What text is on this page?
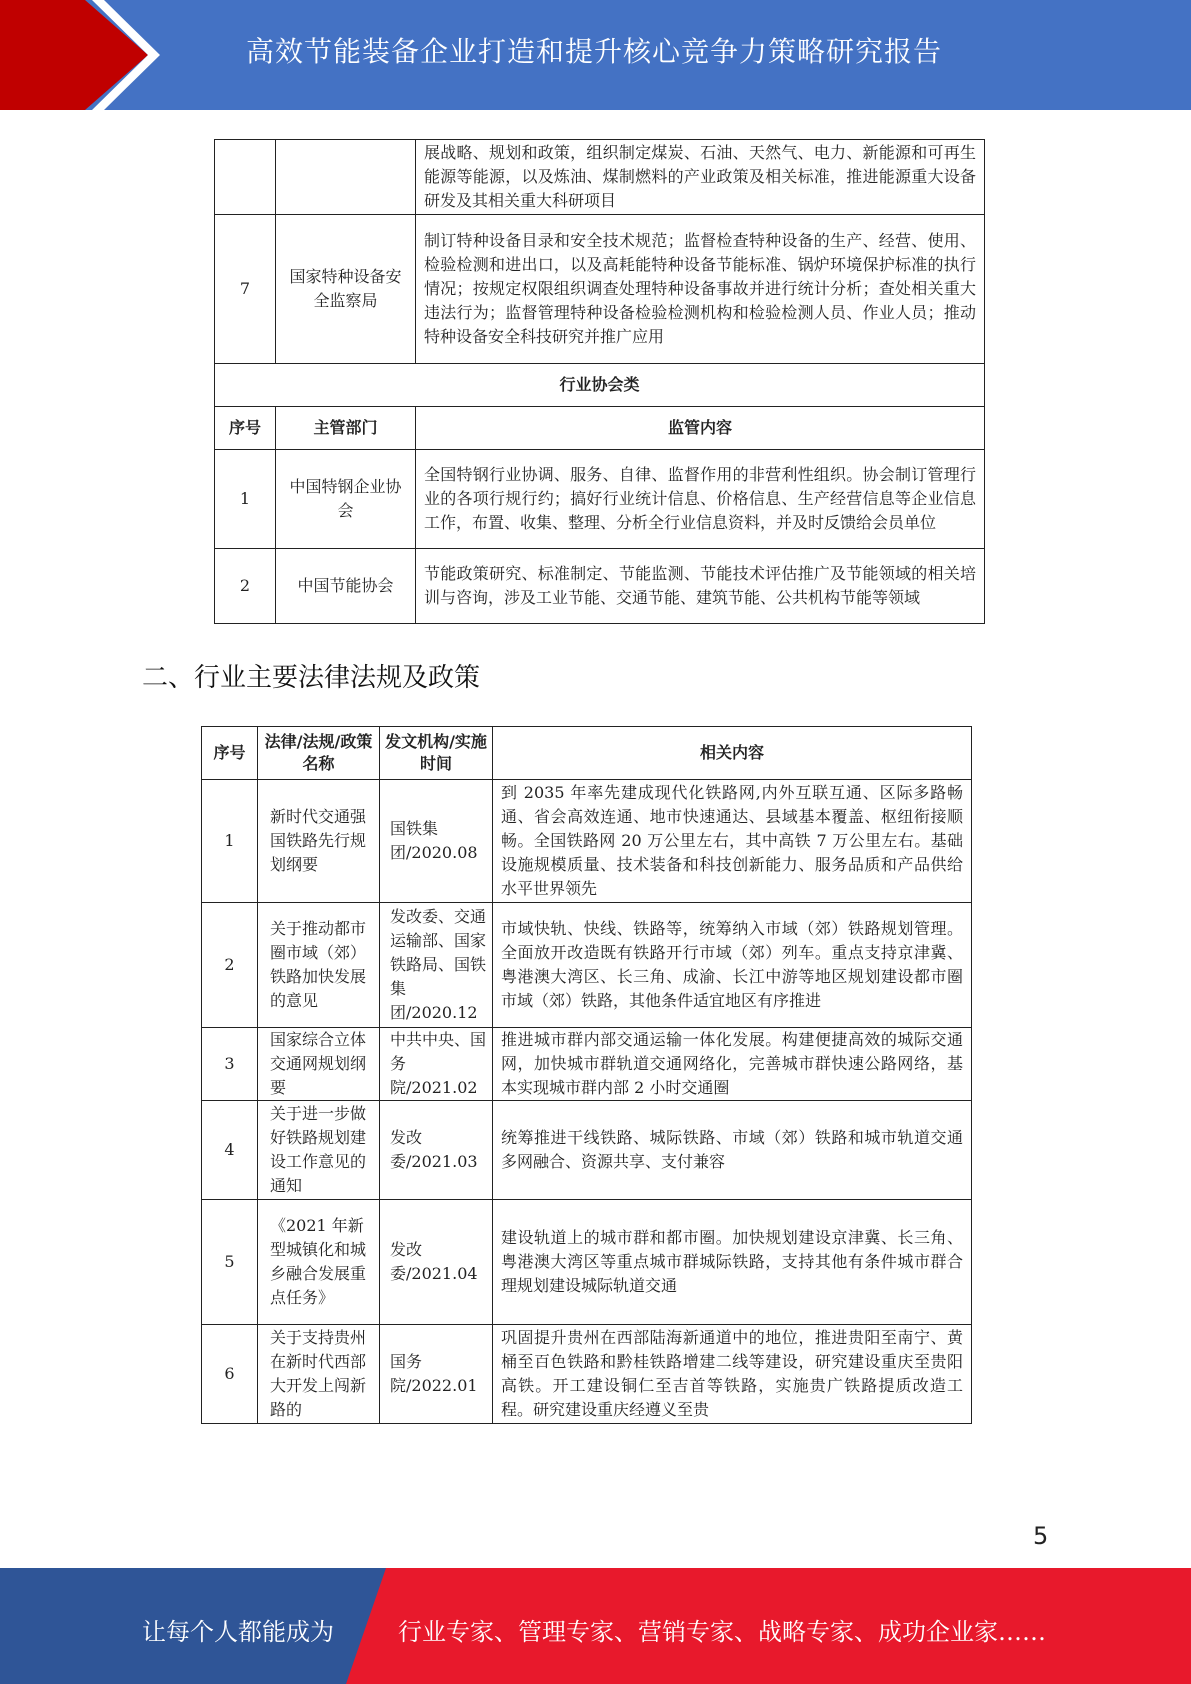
高效节能装备企业打造和提升核心竞争力策略研究报告
		展战略、规划和政策，组织制定煤炭、石油、天然气、电力、新能源和可再生能源等能源，以及炼油、煤制燃料的产业政策及相关标准，推进能源重大设备研发及其相关重大科研项目
7	国家特种设备安全监察局	制订特种设备目录和安全技术规范；监督检查特种设备的生产、经营、使用、检验检测和进出口，以及高耗能特种设备节能标准、锅炉环境保护标准的执行情况；按规定权限组织调查处理特种设备事故并进行统计分析；查处相关重大违法行为；监督管理特种设备检验检测机构和检验检测人员、作业人员；推动特种设备安全科技研究并推广应用
行业协会类		
序号	主管部门	监管内容
1	中国特钢企业协会	全国特钢行业协调、服务、自律、监督作用的非营利性组织。协会制订管理行业的各项行规行约；搞好行业统计信息、价格信息、生产经营信息等企业信息工作，布置、收集、整理、分析全行业信息资料，并及时反馈给会员单位
2	中国节能协会	节能政策研究、标准制定、节能监测、节能技术评估推广及节能领域的相关培训与咨询，涉及工业节能、交通节能、建筑节能、公共机构节能等领域
二、行业主要法律法规及政策
序号	法律/法规/政策名称	发文机构/实施时间	相关内容
1	新时代交通强国铁路先行规划纲要	国铁集团/2020.08	到 2035 年率先建成现代化铁路网,内外互联互通、区际多路畅通、省会高效连通、地市快速通达、县域基本覆盖、枢纽衔接顺畅。全国铁路网 20 万公里左右，其中高铁 7 万公里左右。基础设施规模质量、技术装备和科技创新能力、服务品质和产品供给水平世界领先
2	关于推动都市圈市域（郊）铁路加快发展的意见	发改委、交通运输部、国家铁路局、国铁集团/2020.12	市域快轨、快线、铁路等，统筹纳入市域（郊）铁路规划管理。全面放开改造既有铁路开行市域（郊）列车。重点支持京津冀、粤港澳大湾区、长三角、成渝、长江中游等地区规划建设都市圈市域（郊）铁路，其他条件适宜地区有序推进
3	国家综合立体交通网规划纲要	中共中央、国务院/2021.02	推进城市群内部交通运输一体化发展。构建便捷高效的城际交通网，加快城市群轨道交通网络化，完善城市群快速公路网络，基本实现城市群内部 2 小时交通圈
4	关于进一步做好铁路规划建设工作意见的通知	发改委/2021.03	统筹推进干线铁路、城际铁路、市域（郊）铁路和城市轨道交通多网融合、资源共享、支付兼容
5	《2021 年新型城镇化和城乡融合发展重点任务》	发改委/2021.04	建设轨道上的城市群和都市圈。加快规划建设京津冀、长三角、粤港澳大湾区等重点城市群城际铁路，支持其他有条件城市群合理规划建设城际轨道交通
6	关于支持贵州在新时代西部大开发上闯新路的	国务院/2022.01	巩固提升贵州在西部陆海新通道中的地位，推进贵阳至南宁、黄桶至百色铁路和黔桂铁路增建二线等建设，研究建设重庆至贵阳高铁。开工建设铜仁至吉首等铁路，实施贵广铁路提质改造工程。研究建设重庆经遵义至贵
5
让每个人都能成为	行业专家、管理专家、营销专家、战略专家、成功企业家……
